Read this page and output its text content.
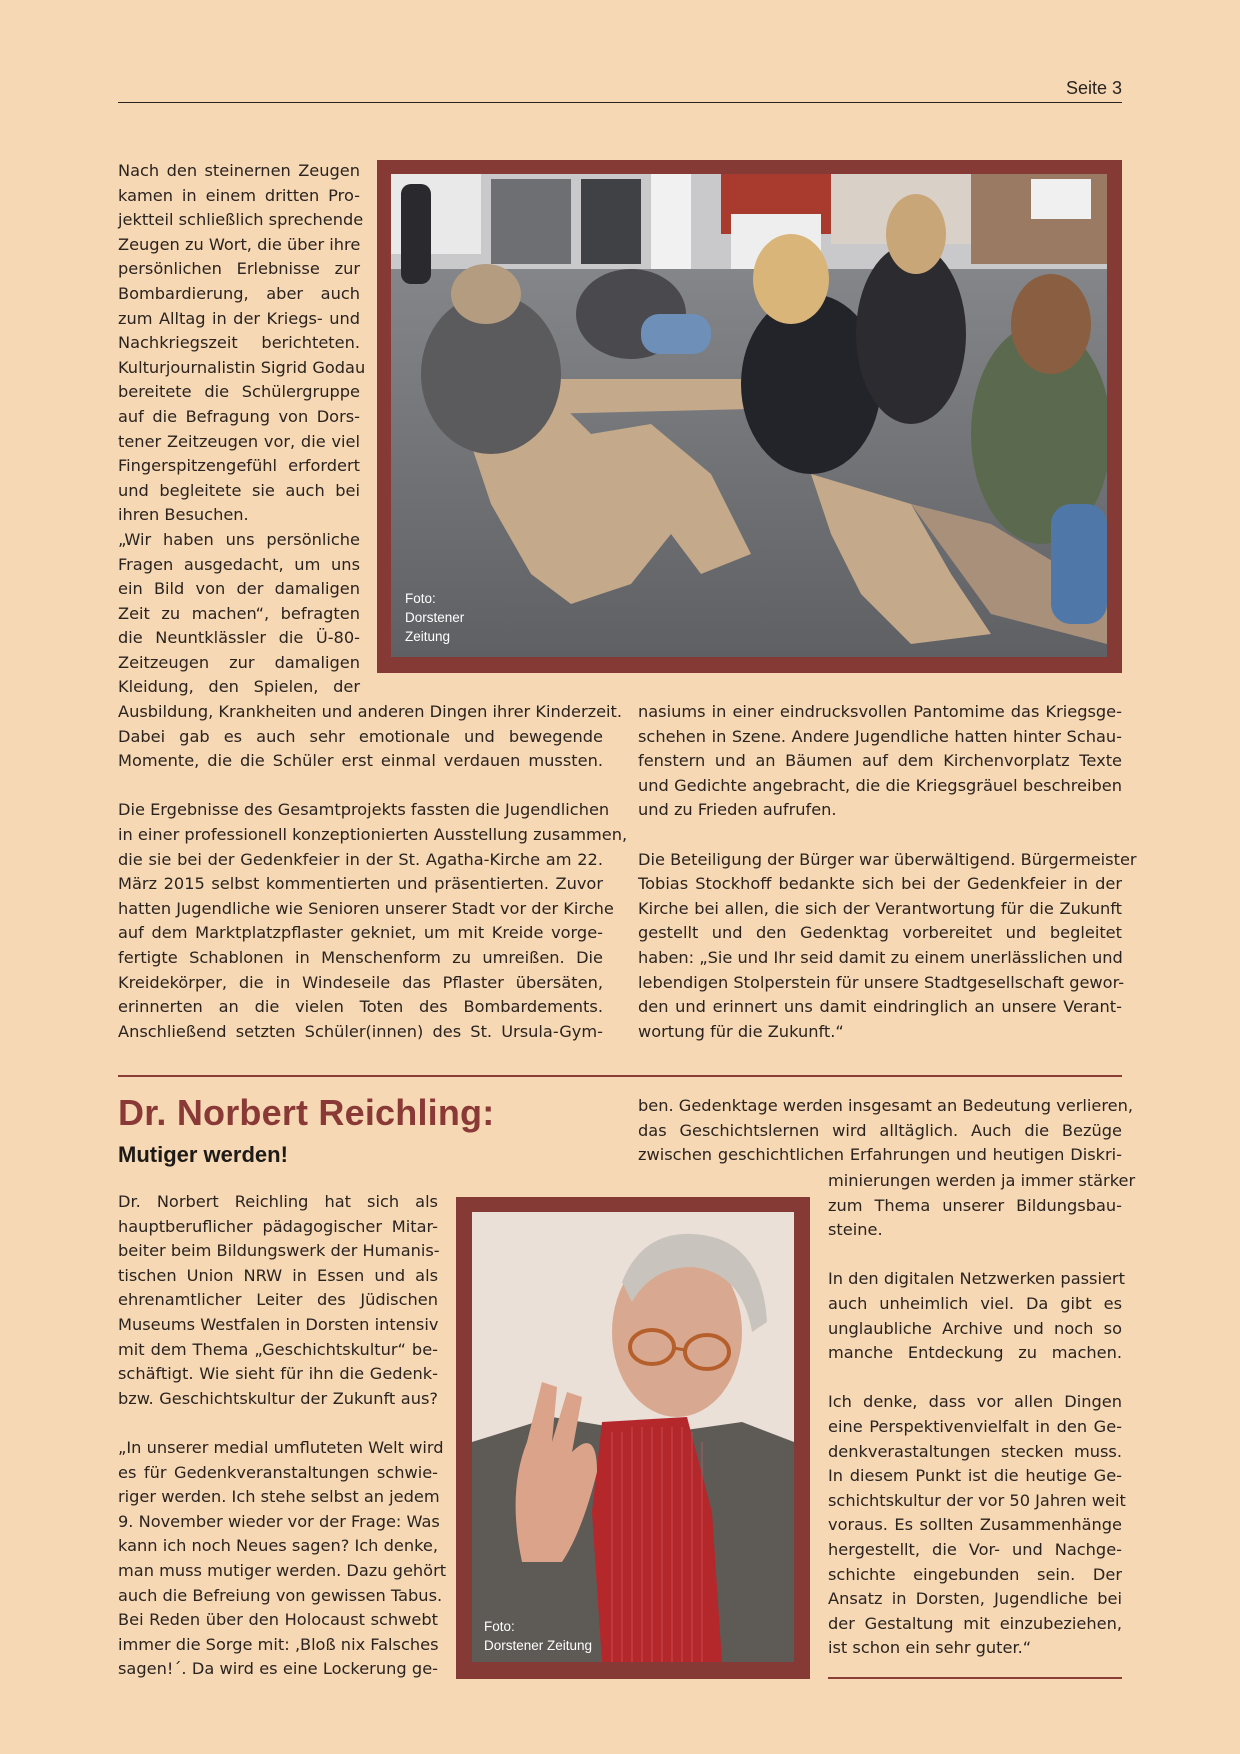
Seite 3
Nach den steinernen Zeugen
kamen in einem dritten Pro-
jektteil schließlich sprechende
Zeugen zu Wort, die über ihre
persönlichen Erlebnisse zur
Bombardierung, aber auch
zum Alltag in der Kriegs- und
Nachkriegszeit berichteten.
Kulturjournalistin Sigrid Godau
bereitete die Schülergruppe
auf die Befragung von Dors-
tener Zeitzeugen vor, die viel
Fingerspitzengefühl erfordert
und begleitete sie auch bei
ihren Besuchen.
„Wir haben uns persönliche
Fragen ausgedacht, um uns
ein Bild von der damaligen
Zeit zu machen“, befragten
die Neuntklässler die Ü-80-
Zeitzeugen zur damaligen
Kleidung, den Spielen, der
Foto:
Dorstener
Zeitung
Ausbildung, Krankheiten und anderen Dingen ihrer Kinderzeit.
Dabei gab es auch sehr emotionale und bewegende
Momente, die die Schüler erst einmal verdauen mussten.
Die Ergebnisse des Gesamtprojekts fassten die Jugendlichen
in einer professionell konzeptionierten Ausstellung zusammen,
die sie bei der Gedenkfeier in der St. Agatha-Kirche am 22.
März 2015 selbst kommentierten und präsentierten. Zuvor
hatten Jugendliche wie Senioren unserer Stadt vor der Kirche
auf dem Marktplatzpflaster gekniet, um mit Kreide vorge-
fertigte Schablonen in Menschenform zu umreißen. Die
Kreidekörper, die in Windeseile das Pflaster übersäten,
erinnerten an die vielen Toten des Bombardements.
Anschließend setzten Schüler(innen) des St. Ursula-Gym-
nasiums in einer eindrucksvollen Pantomime das Kriegsge-
schehen in Szene. Andere Jugendliche hatten hinter Schau-
fenstern und an Bäumen auf dem Kirchenvorplatz Texte
und Gedichte angebracht, die die Kriegsgräuel beschreiben
und zu Frieden aufrufen.
Die Beteiligung der Bürger war überwältigend. Bürgermeister
Tobias Stockhoff bedankte sich bei der Gedenkfeier in der
Kirche bei allen, die sich der Verantwortung für die Zukunft
gestellt und den Gedenktag vorbereitet und begleitet
haben: „Sie und Ihr seid damit zu einem unerlässlichen und
lebendigen Stolperstein für unsere Stadtgesellschaft gewor-
den und erinnert uns damit eindringlich an unsere Verant-
wortung für die Zukunft.“
Dr. Norbert Reichling:
Mutiger werden!
Dr. Norbert Reichling hat sich als
hauptberuflicher pädagogischer Mitar-
beiter beim Bildungswerk der Humanis-
tischen Union NRW in Essen und als
ehrenamtlicher Leiter des Jüdischen
Museums Westfalen in Dorsten intensiv
mit dem Thema „Geschichtskultur“ be-
schäftigt. Wie sieht für ihn die Gedenk-
bzw. Geschichtskultur der Zukunft aus?
„In unserer medial umfluteten Welt wird
es für Gedenkveranstaltungen schwie-
riger werden. Ich stehe selbst an jedem
9. November wieder vor der Frage: Was
kann ich noch Neues sagen? Ich denke,
man muss mutiger werden. Dazu gehört
auch die Befreiung von gewissen Tabus.
Bei Reden über den Holocaust schwebt
immer die Sorge mit: ‚Bloß nix Falsches
sagen!´. Da wird es eine Lockerung ge-
ben. Gedenktage werden insgesamt an Bedeutung verlieren,
das Geschichtslernen wird alltäglich. Auch die Bezüge
zwischen geschichtlichen Erfahrungen und heutigen Diskri-
Foto:
Dorstener Zeitung
minierungen werden ja immer stärker
zum Thema unserer Bildungsbau-
steine.
In den digitalen Netzwerken passiert
auch unheimlich viel. Da gibt es
unglaubliche Archive und noch so
manche Entdeckung zu machen.
Ich denke, dass vor allen Dingen
eine Perspektivenvielfalt in den Ge-
denkverastaltungen stecken muss.
In diesem Punkt ist die heutige Ge-
schichtskultur der vor 50 Jahren weit
voraus. Es sollten Zusammenhänge
hergestellt, die Vor- und Nachge-
schichte eingebunden sein. Der
Ansatz in Dorsten, Jugendliche bei
der Gestaltung mit einzubeziehen,
ist schon ein sehr guter.“
